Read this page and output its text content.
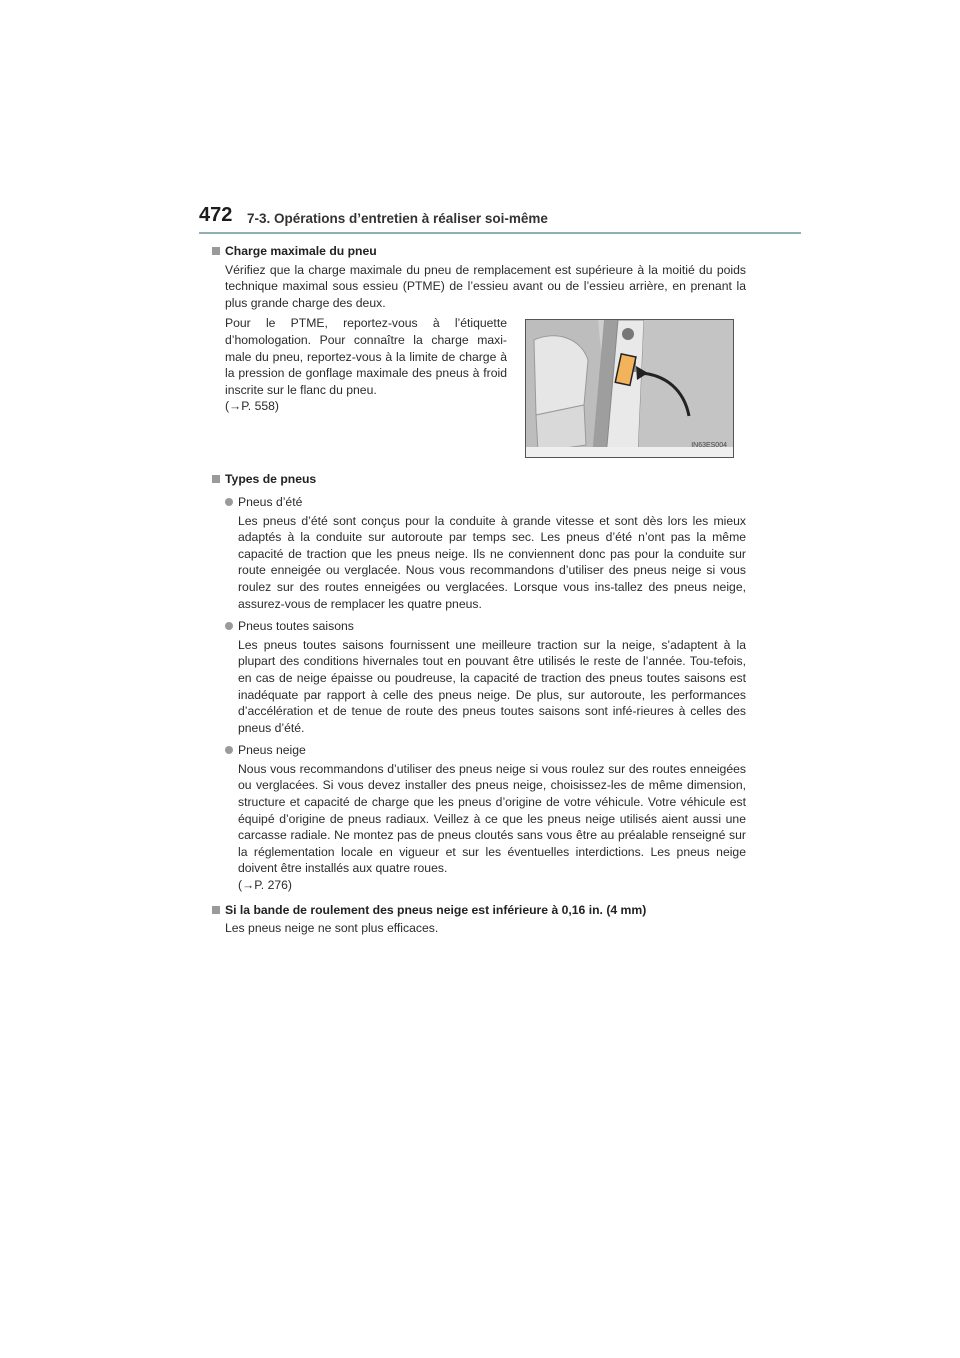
472 7-3. Opérations d’entretien à réaliser soi-même

Charge maximale du pneu

Vérifiez que la charge maximale du pneu de remplacement est supérieure à la moitié du poids technique maximal sous essieu (PTME) de l’essieu avant ou de l’essieu arrière, en prenant la plus grande charge des deux.

Pour le PTME, reportez-vous à l’étiquette d’homologation. Pour connaître la charge maxi-male du pneu, reportez-vous à la limite de charge à la pression de gonflage maximale des pneus à froid inscrite sur le flanc du pneu.
(→P. 558)
IN63ES004

Types de pneus

Pneus d’été

Les pneus d’été sont conçus pour la conduite à grande vitesse et sont dès lors les mieux adaptés à la conduite sur autoroute par temps sec. Les pneus d’été n’ont pas la même capacité de traction que les pneus neige. Ils ne conviennent donc pas pour la conduite sur route enneigée ou verglacée. Nous vous recommandons d’utiliser des pneus neige si vous roulez sur des routes enneigées ou verglacées. Lorsque vous ins-tallez des pneus neige, assurez-vous de remplacer les quatre pneus.

Pneus toutes saisons

Les pneus toutes saisons fournissent une meilleure traction sur la neige, s’adaptent à la plupart des conditions hivernales tout en pouvant être utilisés le reste de l’année. Tou-tefois, en cas de neige épaisse ou poudreuse, la capacité de traction des pneus toutes saisons est inadéquate par rapport à celle des pneus neige. De plus, sur autoroute, les performances d’accélération et de tenue de route des pneus toutes saisons sont infé-rieures à celles des pneus d’été.

Pneus neige

Nous vous recommandons d’utiliser des pneus neige si vous roulez sur des routes enneigées ou verglacées. Si vous devez installer des pneus neige, choisissez-les de même dimension, structure et capacité de charge que les pneus d’origine de votre véhicule. Votre véhicule est équipé d’origine de pneus radiaux. Veillez à ce que les pneus neige utilisés aient aussi une carcasse radiale. Ne montez pas de pneus cloutés sans vous être au préalable renseigné sur la réglementation locale en vigueur et sur les éventuelles interdictions. Les pneus neige doivent être installés aux quatre roues.
(→P. 276)

Si la bande de roulement des pneus neige est inférieure à 0,16 in. (4 mm)

Les pneus neige ne sont plus efficaces.
